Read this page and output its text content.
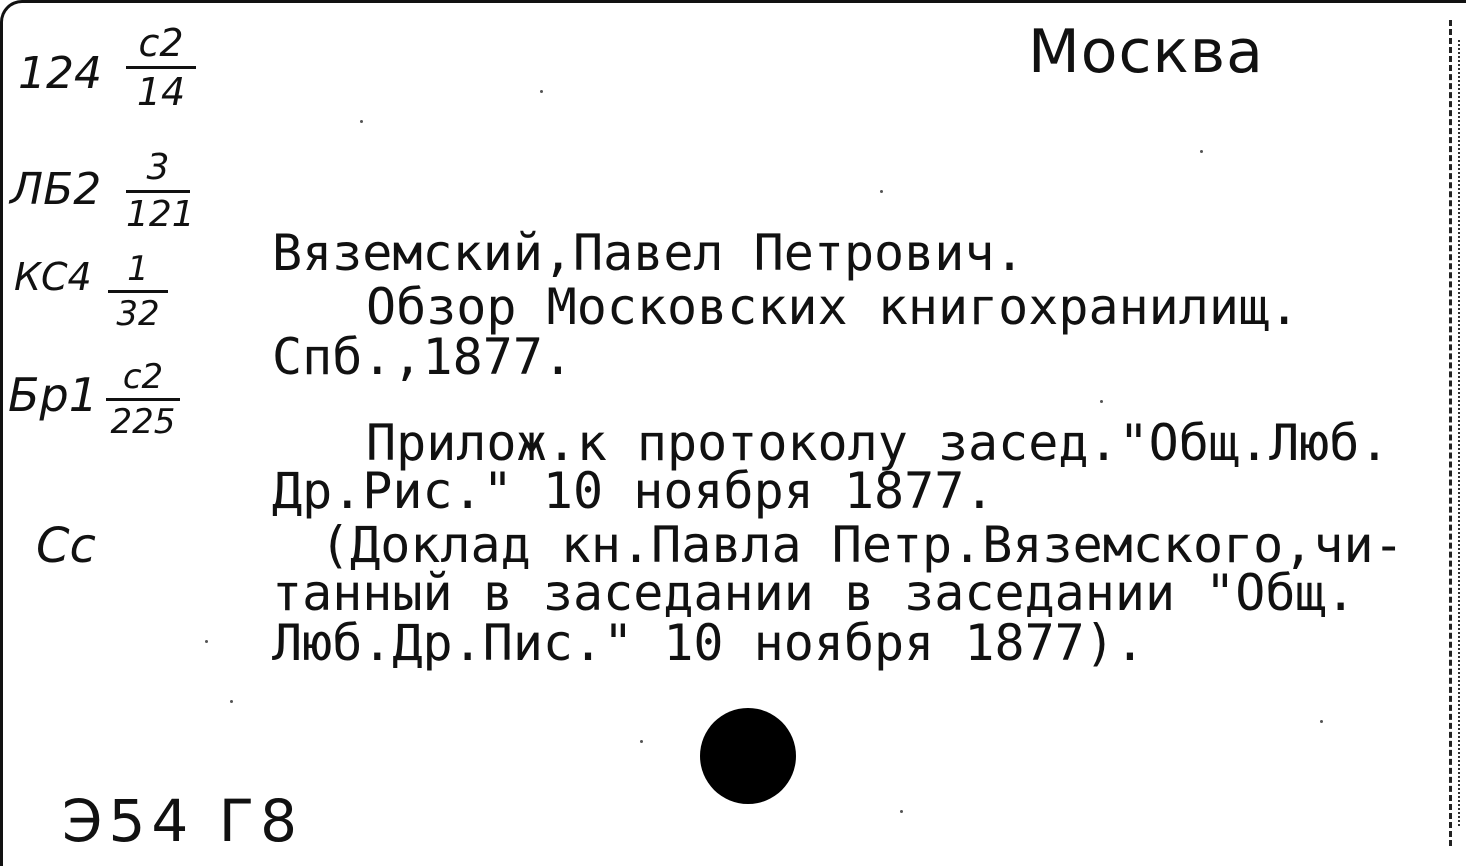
Москва
124
с2
14
$ЛБ2 \frac{3}{121}$
$КС4 \frac{1}{32}$
Бр1 с2
225
Сс
Вяземский,Павел Петрович.
Обзор Московских книгохранилищ.
Спб.,1877.
Прилож.к протоколу засед."Общ.Люб.
Др.Рис." 10 ноября 1877.
(Доклад кн.Павла Петр.Вяземского,чи-
танный в заседании в заседании "Общ.
Люб.Др.Пис." 10 ноября 1877).
Э54 Г8
